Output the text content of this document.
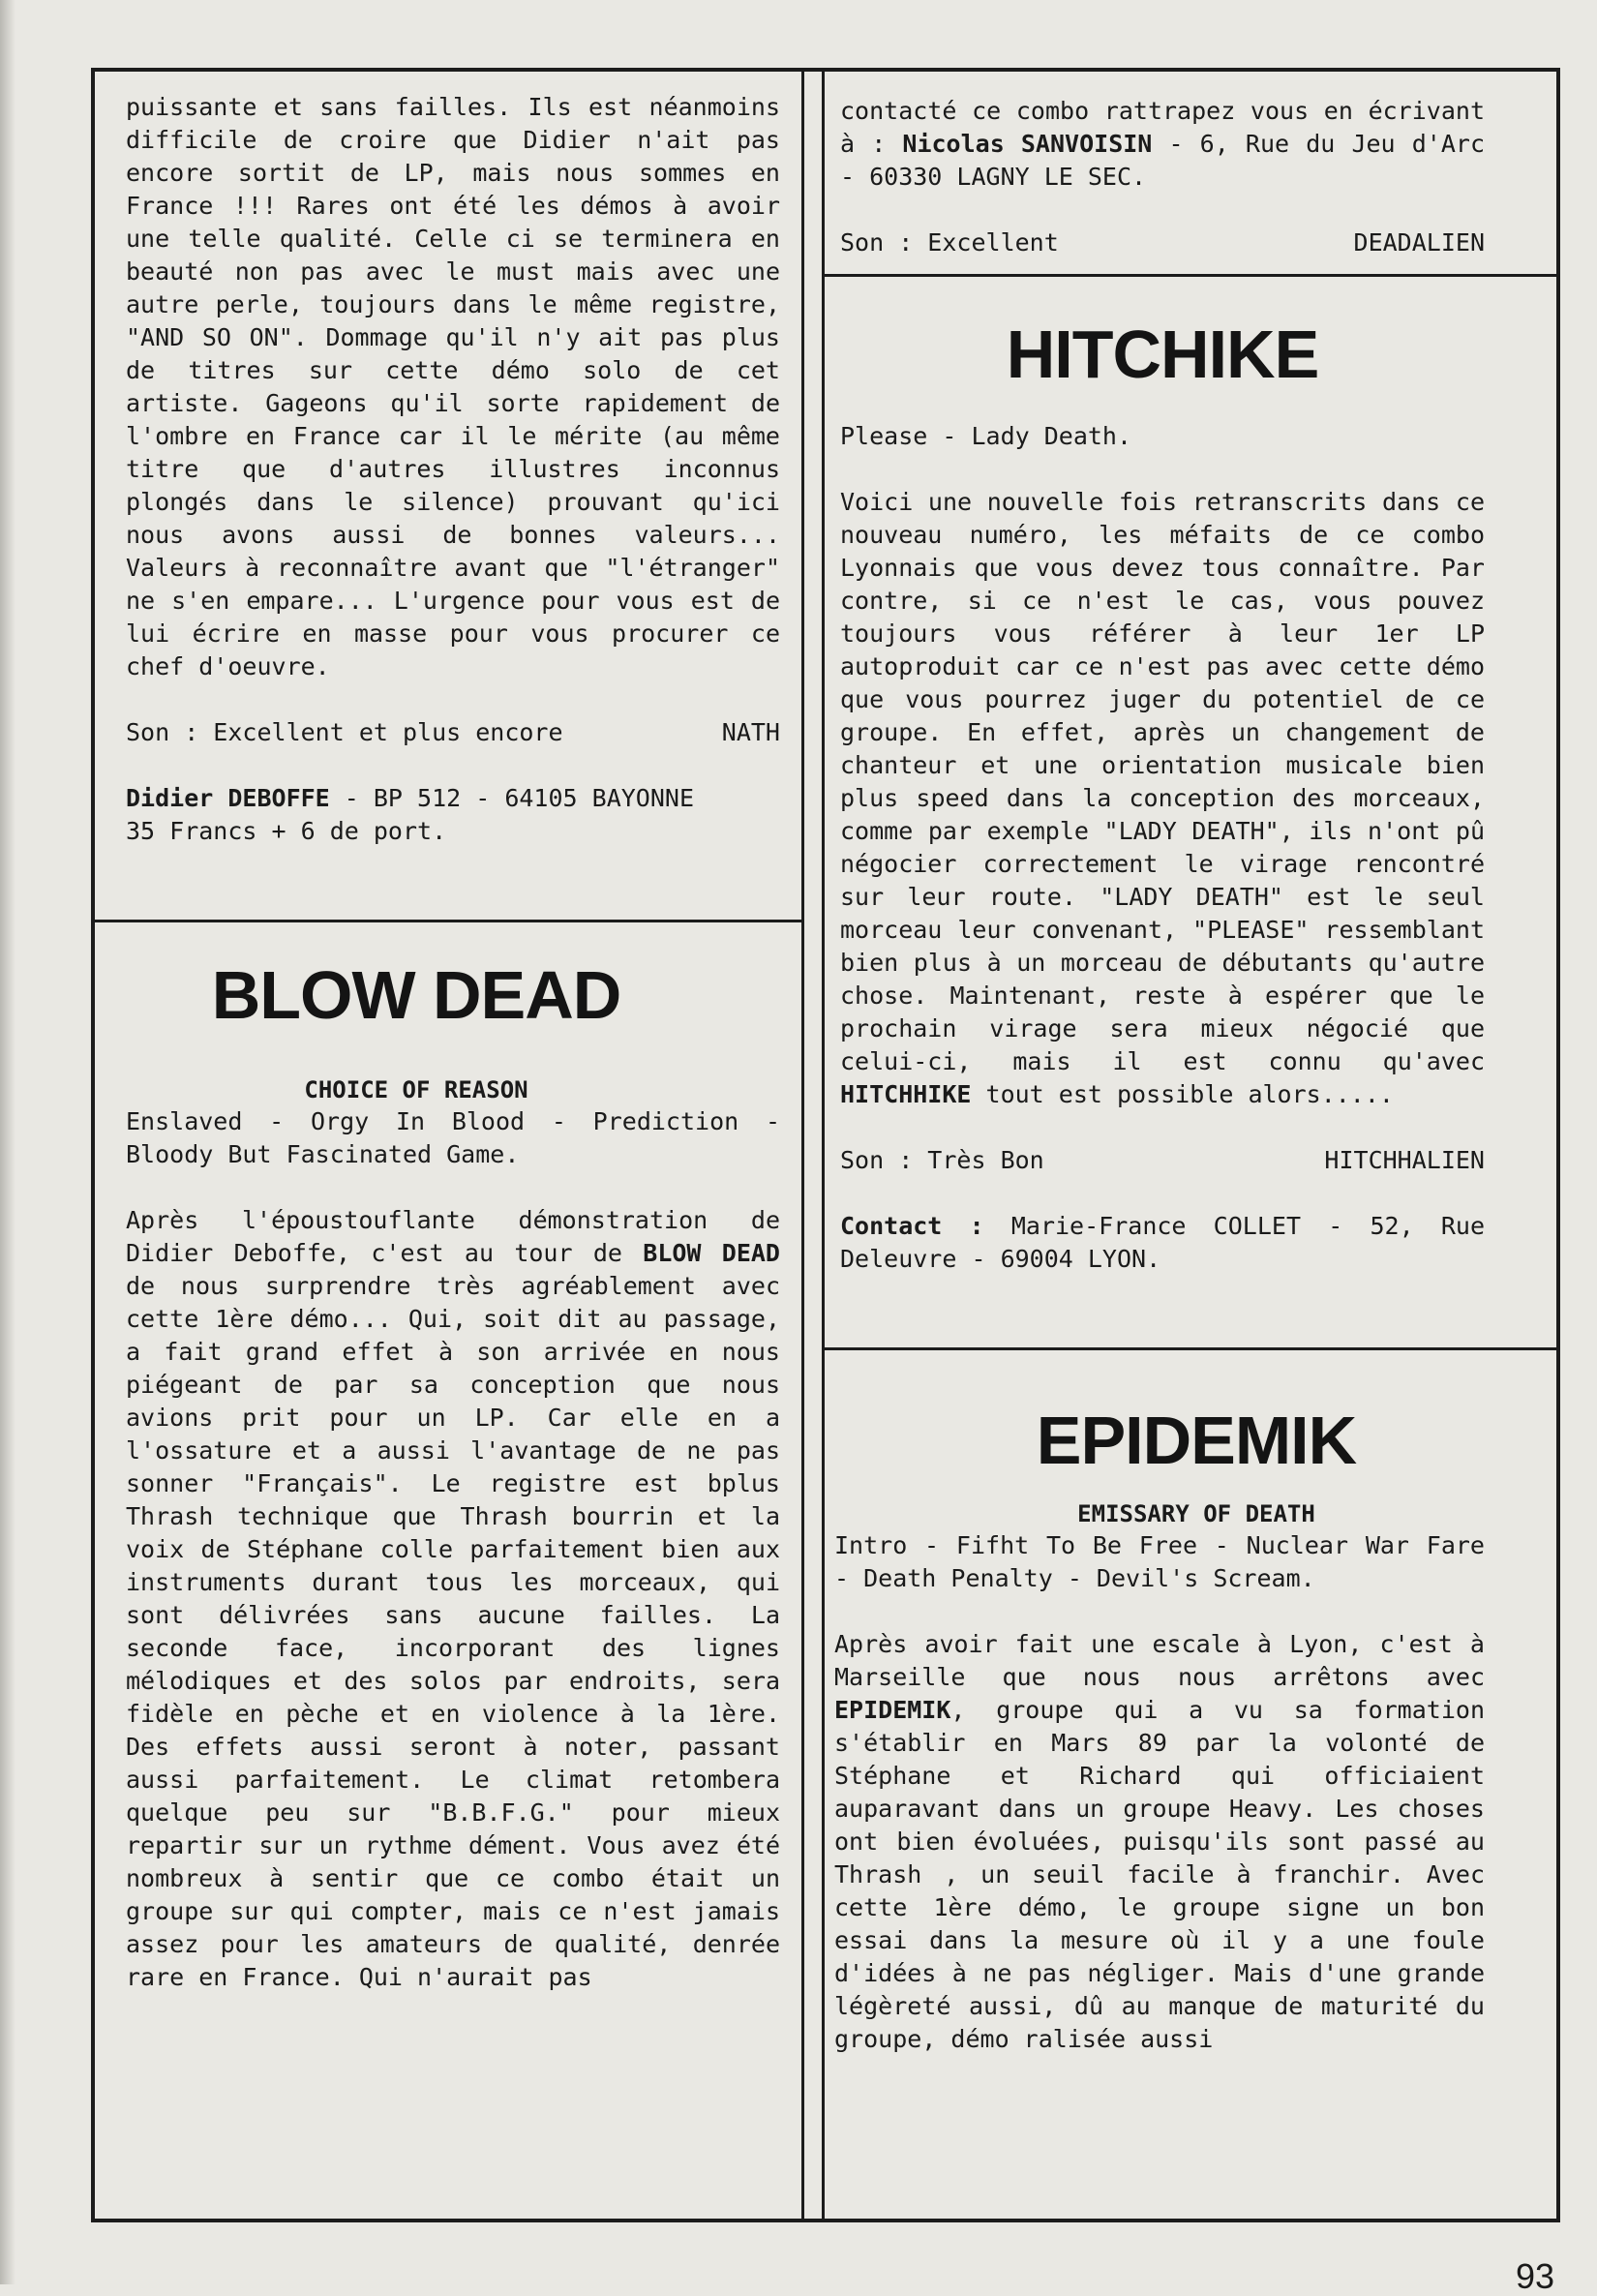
puissante et sans failles. Ils est néanmoins difficile de croire que Didier n'ait pas encore sortit de LP, mais nous sommes en France !!! Rares ont été les démos à avoir une telle qualité. Celle ci se terminera en beauté non pas avec le must mais avec une autre perle, toujours dans le même registre, "AND SO ON". Dommage qu'il n'y ait pas plus de titres sur cette démo solo de cet artiste. Gageons qu'il sorte rapidement de l'ombre en France car il le mérite (au même titre que d'autres illustres inconnus plongés dans le silence) prouvant qu'ici nous avons aussi de bonnes valeurs... Valeurs à reconnaître avant que "l'étranger" ne s'en empare... L'urgence pour vous est de lui écrire en masse pour vous procurer ce chef d'oeuvre.

Son : Excellent et plus encore	NATH
Didier DEBOFFE - BP 512 - 64105 BAYONNE
35 Francs + 6 de port.
BLOW DEAD
CHOICE OF REASON

Enslaved - Orgy In Blood - Prediction - Bloody But Fascinated Game.

Après l'époustouflante démonstration de Didier Deboffe, c'est au tour de BLOW DEAD de nous surprendre très agréablement avec cette 1ère démo... Qui, soit dit au passage, a fait grand effet à son arrivée en nous piégeant de par sa conception que nous avions prit pour un LP. Car elle en a l'ossature et a aussi l'avantage de ne pas sonner "Français". Le registre est bplus Thrash technique que Thrash bourrin et la voix de Stéphane colle parfaitement bien aux instruments durant tous les morceaux, qui sont délivrées sans aucune failles. La seconde face, incorporant des lignes mélodiques et des solos par endroits, sera fidèle en pèche et en violence à la 1ère. Des effets aussi seront à noter, passant aussi parfaitement. Le climat retombera quelque peu sur "B.B.F.G." pour mieux repartir sur un rythme dément. Vous avez été nombreux à sentir que ce combo était un groupe sur qui compter, mais ce n'est jamais assez pour les amateurs de qualité, denrée rare en France. Qui n'aurait pas

contacté ce combo rattrapez vous en écrivant à : Nicolas SANVOISIN - 6, Rue du Jeu d'Arc - 60330 LAGNY LE SEC.

Son : Excellent	DEADALIEN
HITCHIKE

Please - Lady Death.

Voici une nouvelle fois retranscrits dans ce nouveau numéro, les méfaits de ce combo Lyonnais que vous devez tous connaître. Par contre, si ce n'est le cas, vous pouvez toujours vous référer à leur 1er LP autoproduit car ce n'est pas avec cette démo que vous pourrez juger du potentiel de ce groupe. En effet, après un changement de chanteur et une orientation musicale bien plus speed dans la conception des morceaux, comme par exemple "LADY DEATH", ils n'ont pû négocier correctement le virage rencontré sur leur route. "LADY DEATH" est le seul morceau leur convenant, "PLEASE" ressemblant bien plus à un morceau de débutants qu'autre chose. Maintenant, reste à espérer que le prochain virage sera mieux négocié que celui-ci, mais il est connu qu'avec HITCHHIKE tout est possible alors.....

Son : Très Bon	HITCHHALIEN

Contact : Marie-France COLLET - 52, Rue Deleuvre - 69004 LYON.

EPIDEMIK
EMISSARY OF DEATH

Intro - Fifht To Be Free - Nuclear War Fare - Death Penalty - Devil's Scream.

Après avoir fait une escale à Lyon, c'est à Marseille que nous nous arrêtons avec EPIDEMIK, groupe qui a vu sa formation s'établir en Mars 89 par la volonté de Stéphane et Richard qui officiaient auparavant dans un groupe Heavy. Les choses ont bien évoluées, puisqu'ils sont passé au Thrash , un seuil facile à franchir. Avec cette 1ère démo, le groupe signe un bon essai dans la mesure où il y a une foule d'idées à ne pas négliger. Mais d'une grande légèreté aussi, dû au manque de maturité du groupe, démo ralisée aussi

93
